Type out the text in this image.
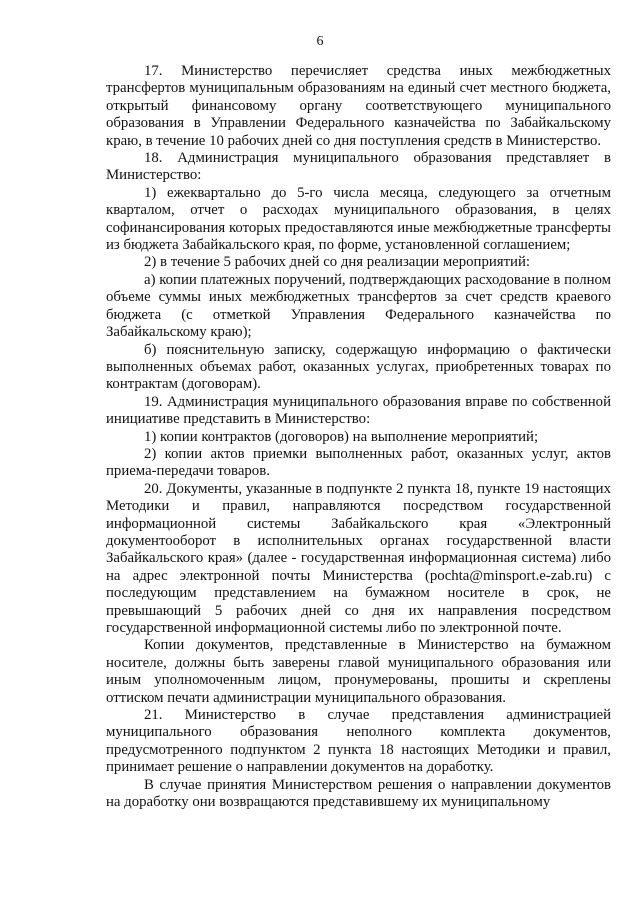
6

17. Министерство перечисляет средства иных межбюджетных трансфертов муниципальным образованиям на единый счет местного бюджета, открытый финансовому органу соответствующего муниципального образования в Управлении Федерального казначейства по Забайкальскому краю, в течение 10 рабочих дней со дня поступления средств в Министерство.

18. Администрация муниципального образования представляет в Министерство:

1) ежеквартально до 5-го числа месяца, следующего за отчетным кварталом, отчет о расходах муниципального образования, в целях софинансирования которых предоставляются иные межбюджетные трансферты из бюджета Забайкальского края, по форме, установленной соглашением;

2) в течение 5 рабочих дней со дня реализации мероприятий:

а) копии платежных поручений, подтверждающих расходование в полном объеме суммы иных межбюджетных трансфертов за счет средств краевого бюджета (с отметкой Управления Федерального казначейства по Забайкальскому краю);

б) пояснительную записку, содержащую информацию о фактически выполненных объемах работ, оказанных услугах, приобретенных товарах по контрактам (договорам).

19. Администрация муниципального образования вправе по собственной инициативе представить в Министерство:

1) копии контрактов (договоров) на выполнение мероприятий;

2) копии актов приемки выполненных работ, оказанных услуг, актов приема-передачи товаров.

20. Документы, указанные в подпункте 2 пункта 18, пункте 19 настоящих Методики и правил, направляются посредством государственной информационной системы Забайкальского края «Электронный документооборот в исполнительных органах государственной власти Забайкальского края» (далее - государственная информационная система) либо на адрес электронной почты Министерства (pochta@minsport.e-zab.ru) с последующим представлением на бумажном носителе в срок, не превышающий 5 рабочих дней со дня их направления посредством государственной информационной системы либо по электронной почте.

Копии документов, представленные в Министерство на бумажном носителе, должны быть заверены главой муниципального образования или иным уполномоченным лицом, пронумерованы, прошиты и скреплены оттиском печати администрации муниципального образования.

21. Министерство в случае представления администрацией муниципального образования неполного комплекта документов, предусмотренного подпунктом 2 пункта 18 настоящих Методики и правил, принимает решение о направлении документов на доработку.

В случае принятия Министерством решения о направлении документов на доработку они возвращаются представившему их муниципальному
